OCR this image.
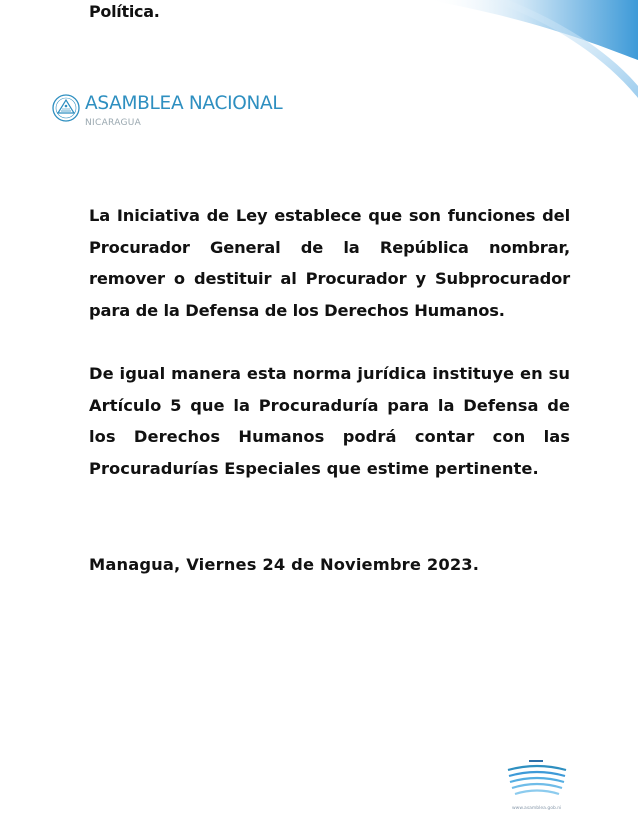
Política.
ASAMBLEA NACIONAL
NICARAGUA

La Iniciativa de Ley establece que son funciones del Procurador General de la República nombrar, remover o destituir al Procurador y Subprocurador para de la Defensa de los Derechos Humanos.

De igual manera esta norma jurídica instituye en su Artículo 5 que la Procuraduría para la Defensa de los Derechos Humanos podrá contar con las Procuradurías Especiales que estime pertinente.

Managua, Viernes 24 de Noviembre 2023.

www.asamblea.gob.ni
